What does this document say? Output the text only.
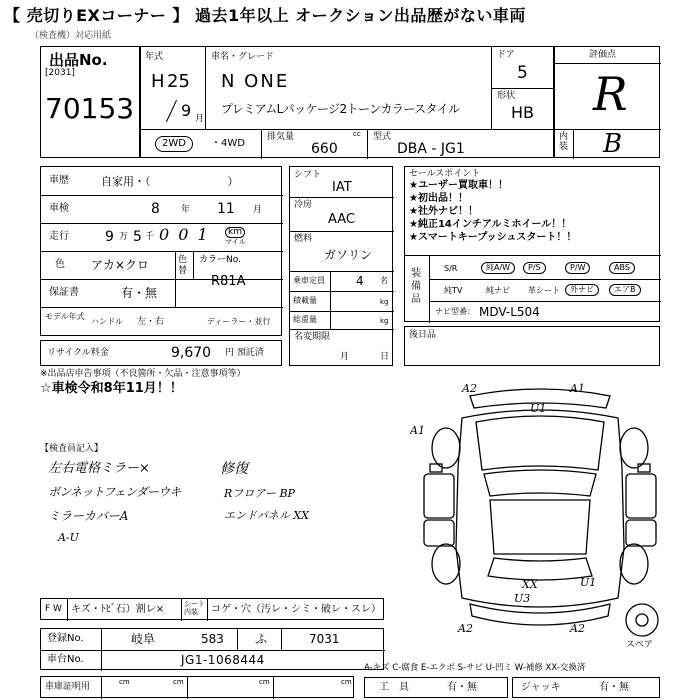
【 売切りEXコーナー 】 過去1年以上 オークション出品歴がない車両
（検査機）対応用紙
出品No.
[2031]
70153
年式
H 25
9 月
車名・グレード
N ONE
プレミアムLパッケージ2トーンカラースタイル
ドア
5
形状
HB
2WD	・4WD
排気量	cc
660
型式
DBA - JG1
評価点
R
内装 B
車歴	自家用・（　　　　　　　）
車検	8 年 11 月
走行	9 万 5 千 0 0 1	km
マイル
色 アカ×クロ	色替
カラーNo.
R81A
保証書	有・無
モデル年式
ハンドル 左・右	ディーラー・並行
リサイクル料金	9,670 円 預託済
シフト
IAT
冷房
AAC
燃料
ガソリン
乗車定員	4 名
積載量	kg
総重量	kg
名変期限
月	日
セールスポイント
★ユーザー買取車！！
★初出品！！
★社外ナビ！！
★純正14インチアルミホイール！！
★スマートキープッシュスタート！！
装備品
S/R	純A/W	P/S	P/W	ABS
純TV	純ナビ	革シート	外ナビ	エアB
ナビ型番： MDV-L504
後日品
※出品店申告事項（不良箇所・欠品・注意事項等）
☆車検令和8年11月！！
【検査員記入】
左右電格ミラー×
ボンネットフェンダーウキ
ミラーカバーA
A-U
修復
Rフロアー BP
エンドパネル XX
A2	A1
U1
A1
XX
U3
U1
A2	A2
スペア
F W キズ・ﾄﾋﾞ石）割レ×	シート内装	コゲ・穴（汚レ・シミ・破レ・スレ）
登録No.	岐阜	583	ふ	7031
車台No.	JG1-1068444
車庫証明用	cm	cm	cm	cm
A-キズ C-腐食 E-エクボ S-サビ U-凹ミ W-補修 XX-交換済
工　具	有・無	ジャッキ	有・無
